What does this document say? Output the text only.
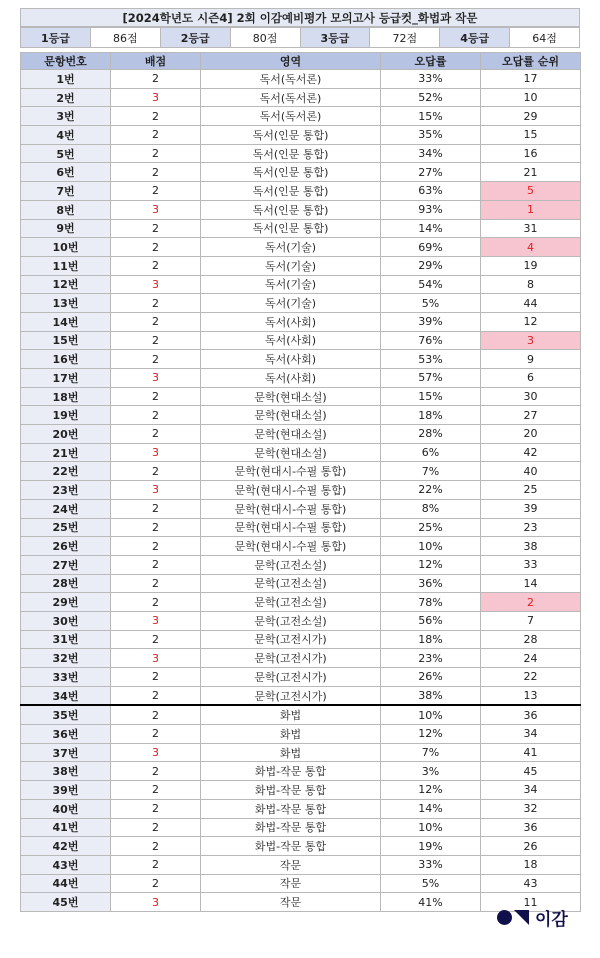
[2024학년도 시즌4] 2회 이감예비평가 모의고사 등급컷_화법과 작문
1등급	86점	2등급	80점	3등급	72점	4등급	64점
문항번호	배점	영역	오답률	오답률 순위
1번	2	독서(독서론)	33%	17
2번	3	독서(독서론)	52%	10
3번	2	독서(독서론)	15%	29
4번	2	독서(인문 통합)	35%	15
5번	2	독서(인문 통합)	34%	16
6번	2	독서(인문 통합)	27%	21
7번	2	독서(인문 통합)	63%	5
8번	3	독서(인문 통합)	93%	1
9번	2	독서(인문 통합)	14%	31
10번	2	독서(기술)	69%	4
11번	2	독서(기술)	29%	19
12번	3	독서(기술)	54%	8
13번	2	독서(기술)	5%	44
14번	2	독서(사회)	39%	12
15번	2	독서(사회)	76%	3
16번	2	독서(사회)	53%	9
17번	3	독서(사회)	57%	6
18번	2	문학(현대소설)	15%	30
19번	2	문학(현대소설)	18%	27
20번	2	문학(현대소설)	28%	20
21번	3	문학(현대소설)	6%	42
22번	2	문학(현대시-수필 통합)	7%	40
23번	3	문학(현대시-수필 통합)	22%	25
24번	2	문학(현대시-수필 통합)	8%	39
25번	2	문학(현대시-수필 통합)	25%	23
26번	2	문학(현대시-수필 통합)	10%	38
27번	2	문학(고전소설)	12%	33
28번	2	문학(고전소설)	36%	14
29번	2	문학(고전소설)	78%	2
30번	3	문학(고전소설)	56%	7
31번	2	문학(고전시가)	18%	28
32번	3	문학(고전시가)	23%	24
33번	2	문학(고전시가)	26%	22
34번	2	문학(고전시가)	38%	13
35번	2	화법	10%	36
36번	2	화법	12%	34
37번	3	화법	7%	41
38번	2	화법-작문 통합	3%	45
39번	2	화법-작문 통합	12%	34
40번	2	화법-작문 통합	14%	32
41번	2	화법-작문 통합	10%	36
42번	2	화법-작문 통합	19%	26
43번	2	작문	33%	18
44번	2	작문	5%	43
45번	3	작문	41%	11
이감
